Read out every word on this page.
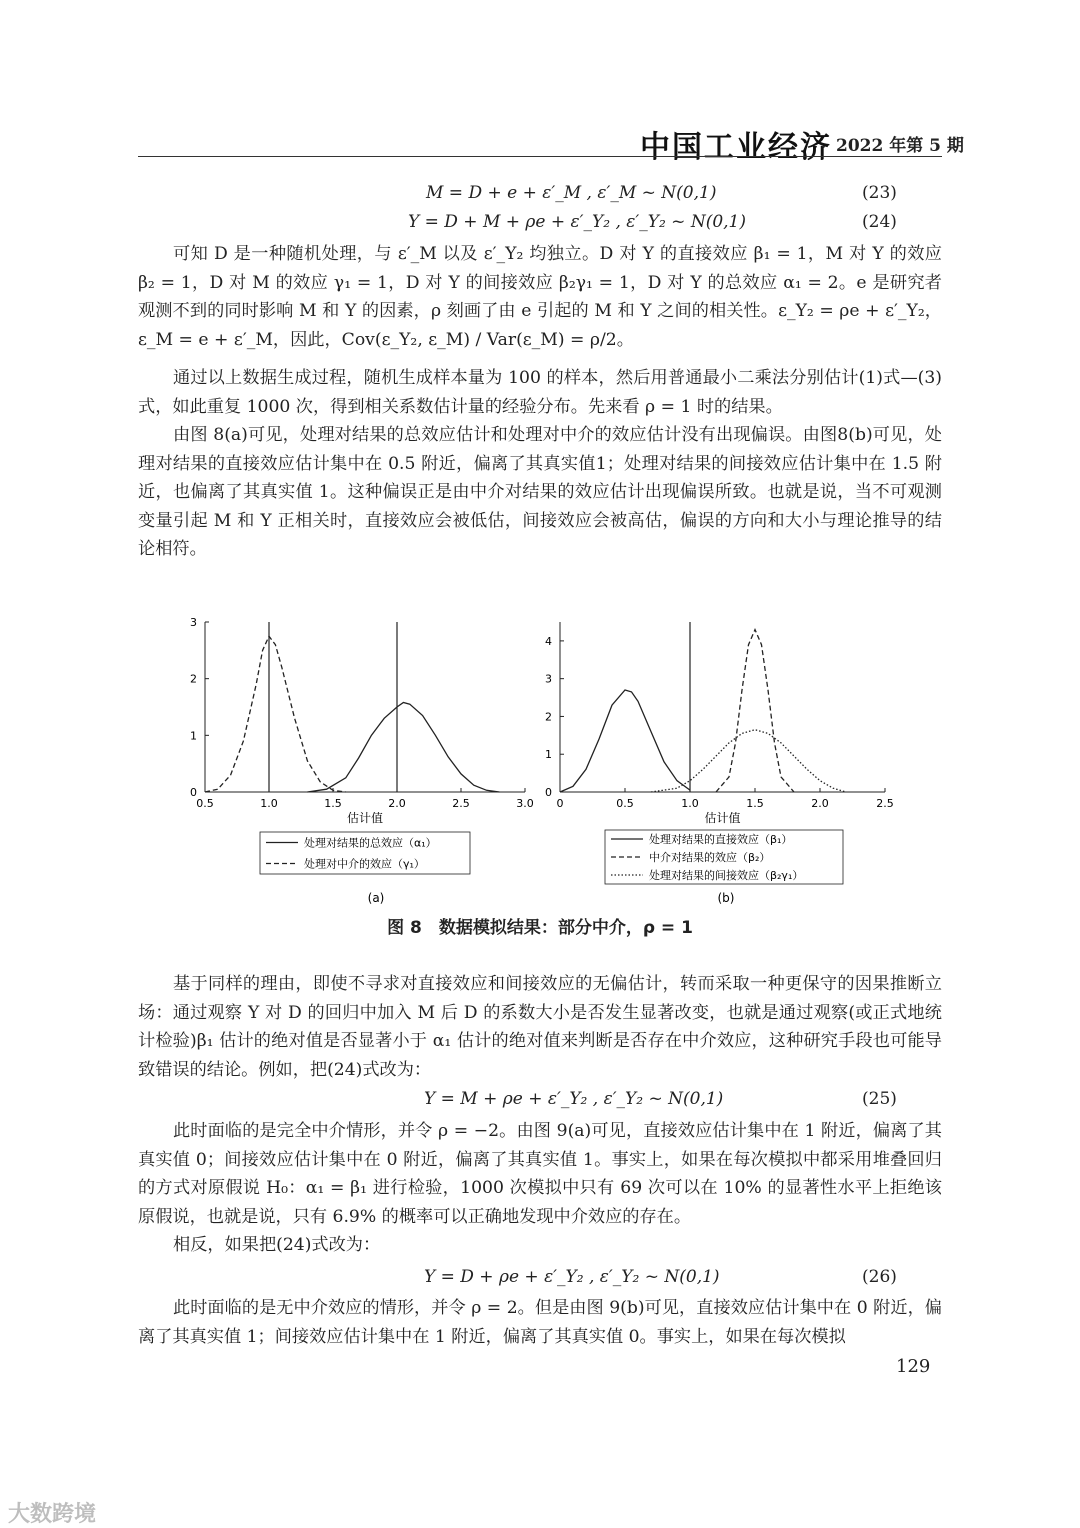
中国工业经济 2022 年第 5 期
M = D + e + ε′_M , ε′_M ~ N(0,1)	(23)
Y = D + M + ρe + ε′_Y₂ , ε′_Y₂ ~ N(0,1)	(24)

可知 D 是一种随机处理，与 ε′_M 以及 ε′_Y₂ 均独立。D 对 Y 的直接效应 β₁ = 1，M 对 Y 的效应 β₂ = 1，D 对 M 的效应 γ₁ = 1，D 对 Y 的间接效应 β₂γ₁ = 1，D 对 Y 的总效应 α₁ = 2。e 是研究者观测不到的同时影响 M 和 Y 的因素，ρ 刻画了由 e 引起的 M 和 Y 之间的相关性。ε_Y₂ = ρe + ε′_Y₂，ε_M = e + ε′_M，因此，Cov(ε_Y₂, ε_M) / Var(ε_M) = ρ/2。

通过以上数据生成过程，随机生成样本量为 100 的样本，然后用普通最小二乘法分别估计(1)式—(3)式，如此重复 1000 次，得到相关系数估计量的经验分布。先来看 ρ = 1 时的结果。

由图 8(a)可见，处理对结果的总效应估计和处理对中介的效应估计没有出现偏误。由图8(b)可见，处理对结果的直接效应估计集中在 0.5 附近，偏离了其真实值1；处理对结果的间接效应估计集中在 1.5 附近，也偏离了其真实值 1。这种偏误正是由中介对结果的效应估计出现偏误所致。也就是说，当不可观测变量引起 M 和 Y 正相关时，直接效应会被低估，间接效应会被高估，偏误的方向和大小与理论推导的结论相符。

0.5	1.0	1.5	2.0	2.5	3.0
0
1
2
3
估计值
处理对结果的总效应（α₁）
处理对中介的效应（γ₁）
0	0.5	1.0	1.5	2.0	2.5
0
1
2
3
4
估计值
处理对结果的直接效应（β₁）
中介对结果的效应（β₂）
处理对结果的间接效应（β₂γ₁）
(a)	(b)
图 8　数据模拟结果：部分中介，ρ = 1

基于同样的理由，即使不寻求对直接效应和间接效应的无偏估计，转而采取一种更保守的因果推断立场：通过观察 Y 对 D 的回归中加入 M 后 D 的系数大小是否发生显著改变，也就是通过观察(或正式地统计检验)β₁ 估计的绝对值是否显著小于 α₁ 估计的绝对值来判断是否存在中介效应，这种研究手段也可能导致错误的结论。例如，把(24)式改为：

Y = M + ρe + ε′_Y₂ , ε′_Y₂ ~ N(0,1)	(25)

此时面临的是完全中介情形，并令 ρ = −2。由图 9(a)可见，直接效应估计集中在 1 附近，偏离了其真实值 0；间接效应估计集中在 0 附近，偏离了其真实值 1。事实上，如果在每次模拟中都采用堆叠回归的方式对原假说 H₀：α₁ = β₁ 进行检验，1000 次模拟中只有 69 次可以在 10% 的显著性水平上拒绝该原假说，也就是说，只有 6.9% 的概率可以正确地发现中介效应的存在。

相反，如果把(24)式改为：

Y = D + ρe + ε′_Y₂ , ε′_Y₂ ~ N(0,1)	(26)

此时面临的是无中介效应的情形，并令 ρ = 2。但是由图 9(b)可见，直接效应估计集中在 0 附近，偏离了其真实值 1；间接效应估计集中在 1 附近，偏离了其真实值 0。事实上，如果在每次模拟

129
大数跨境
